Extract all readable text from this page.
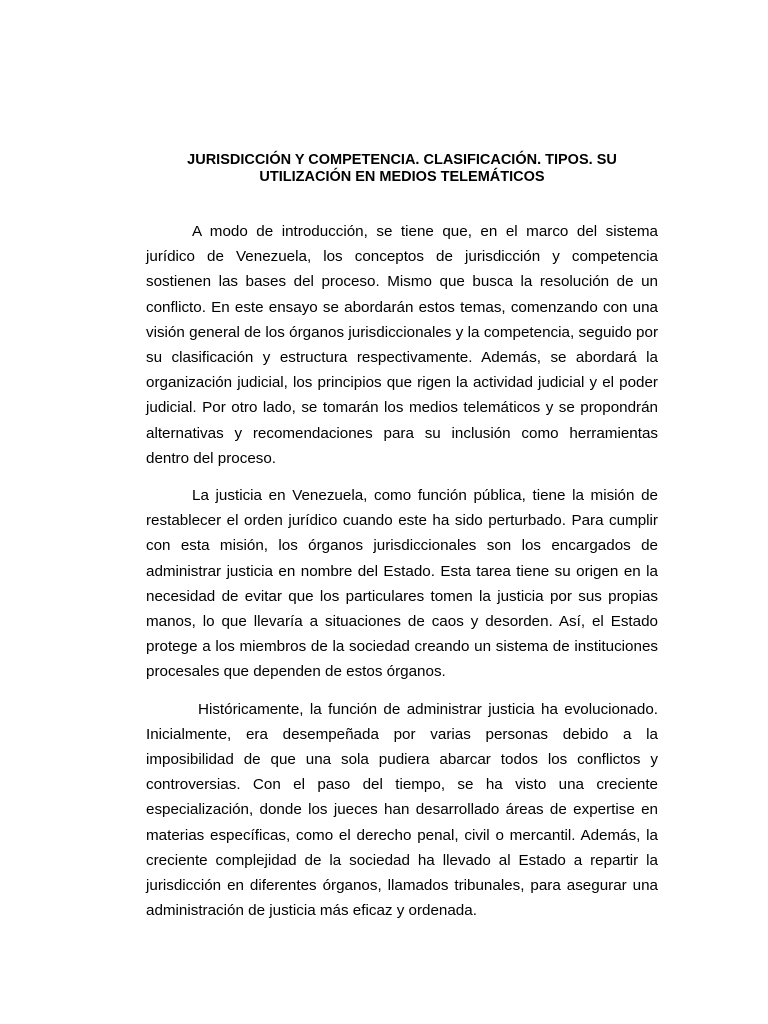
JURISDICCIÓN Y COMPETENCIA. CLASIFICACIÓN. TIPOS. SU
UTILIZACIÓN EN MEDIOS TELEMÁTICOS

A modo de introducción, se tiene que, en el marco del sistema jurídico de Venezuela, los conceptos de jurisdicción y competencia sostienen las bases del proceso. Mismo que busca la resolución de un conflicto. En este ensayo se abordarán estos temas, comenzando con una visión general de los órganos jurisdiccionales y la competencia, seguido por su clasificación y estructura respectivamente. Además, se abordará la organización judicial, los principios que rigen la actividad judicial y el poder judicial. Por otro lado, se tomarán los medios telemáticos y se propondrán alternativas y recomendaciones para su inclusión como herramientas dentro del proceso.

La justicia en Venezuela, como función pública, tiene la misión de restablecer el orden jurídico cuando este ha sido perturbado. Para cumplir con esta misión, los órganos jurisdiccionales son los encargados de administrar justicia en nombre del Estado. Esta tarea tiene su origen en la necesidad de evitar que los particulares tomen la justicia por sus propias manos, lo que llevaría a situaciones de caos y desorden. Así, el Estado protege a los miembros de la sociedad creando un sistema de instituciones procesales que dependen de estos órganos.

Históricamente, la función de administrar justicia ha evolucionado. Inicialmente, era desempeñada por varias personas debido a la imposibilidad de que una sola pudiera abarcar todos los conflictos y controversias. Con el paso del tiempo, se ha visto una creciente especialización, donde los jueces han desarrollado áreas de expertise en materias específicas, como el derecho penal, civil o mercantil. Además, la creciente complejidad de la sociedad ha llevado al Estado a repartir la jurisdicción en diferentes órganos, llamados tribunales, para asegurar una administración de justicia más eficaz y ordenada.
